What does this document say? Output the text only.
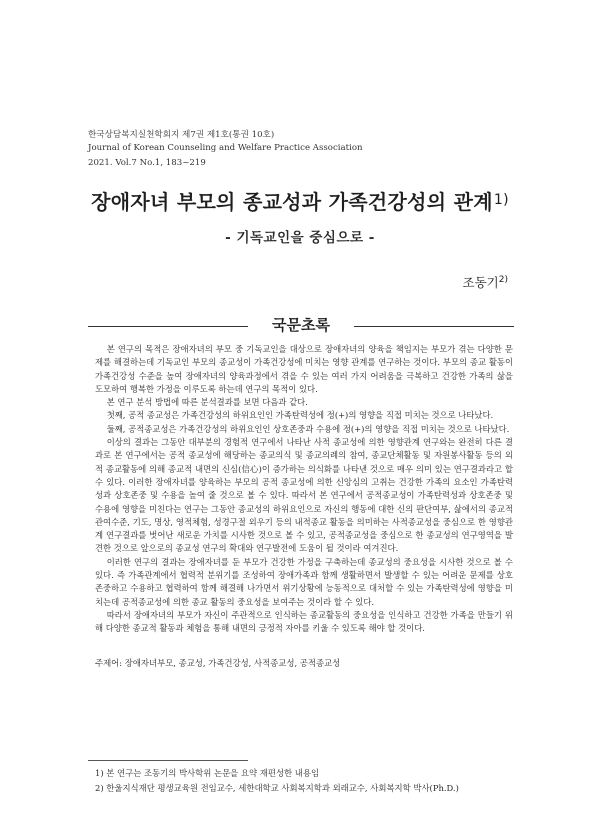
한국상담복지실천학회지 제7권 제1호(통권 10호)
Journal of Korean Counseling and Welfare Practice Association
2021. Vol.7 No.1, 183~219
장애자녀 부모의 종교성과 가족건강성의 관계$^{1)}$
- 기독교인을 중심으로 -
조동기$^{2)}$
국문초록

본 연구의 목적은 장애자녀의 부모 중 기독교인을 대상으로 장애자녀의 양육을 책임지는 부모가 겪는 다양한 문제를 해결하는데 기독교인 부모의 종교성이 가족건강성에 미치는 영향 관계를 연구하는 것이다. 부모의 종교 활동이 가족건강성 수준을 높여 장애자녀의 양육과정에서 겪을 수 있는 여러 가지 어려움을 극복하고 건강한 가족의 삶을 도모하여 행복한 가정을 이루도록 하는데 연구의 목적이 있다.

본 연구 분석 방법에 따른 분석결과를 보면 다음과 같다.

첫째, 공적 종교성은 가족건강성의 하위요인인 가족탄력성에 정(+)의 영향을 직접 미치는 것으로 나타났다.

둘째, 공적종교성은 가족건강성의 하위요인인 상호존중과 수용에 정(+)의 영향을 직접 미치는 것으로 나타났다.

이상의 결과는 그동안 대부분의 경험적 연구에서 나타난 사적 종교성에 의한 영향관계 연구와는 완전히 다른 결과로 본 연구에서는 공적 종교성에 해당하는 종교의식 및 종교의례의 참여, 종교단체활동 및 자원봉사활동 등의 외적 종교활동에 의해 종교적 내면의 신심(信心)이 증가하는 의식화를 나타낸 것으로 매우 의미 있는 연구결과라고 할 수 있다. 이러한 장애자녀를 양육하는 부모의 공적 종교성에 의한 신앙심의 고취는 건강한 가족의 요소인 가족탄력성과 상호존중 및 수용을 높여 줄 것으로 볼 수 있다. 따라서 본 연구에서 공적종교성이 가족탄력성과 상호존중 및 수용에 영향을 미친다는 연구는 그동안 종교성의 하위요인으로 자신의 행동에 대한 신의 판단여부, 삶에서의 종교적 관여수준, 기도, 명상, 영적체험, 성경구절 외우기 등의 내적종교 활동을 의미하는 사적종교성을 중심으로 한 영향관계 연구결과를 벗어난 새로운 가치를 시사한 것으로 볼 수 있고, 공적종교성을 중심으로 한 종교성의 연구영역을 발견한 것으로 앞으로의 종교성 연구의 확대와 연구발전에 도움이 될 것이라 여겨진다.

이러한 연구의 결과는 장애자녀를 둔 부모가 건강한 가정을 구축하는데 종교성의 중요성을 시사한 것으로 볼 수 있다. 즉 가족관계에서 협력적 분위기를 조성하여 장애가족과 함께 생활하면서 발생할 수 있는 어려운 문제를 상호존중하고 수용하고 협력하여 함께 해결해 나가면서 위기상황에 능동적으로 대처할 수 있는 가족탄력성에 영향을 미치는데 공적종교성에 의한 종교 활동의 중요성을 보여주는 것이라 할 수 있다.

따라서 장애자녀의 부모가 자신이 주관적으로 인식하는 종교활동의 중요성을 인식하고 건강한 가족을 만들기 위해 다양한 종교적 활동과 체험을 통해 내면의 긍정적 자아를 키울 수 있도록 해야 할 것이다.

주제어: 장애자녀부모, 종교성, 가족건강성, 사적종교성, 공적종교성
1) 본 연구는 조동기의 박사학위 논문을 요약 재편성한 내용임
2) 한울지식재단 평생교육원 전임교수, 세한대학교 사회복지학과 외래교수, 사회복지학 박사(Ph.D.)
